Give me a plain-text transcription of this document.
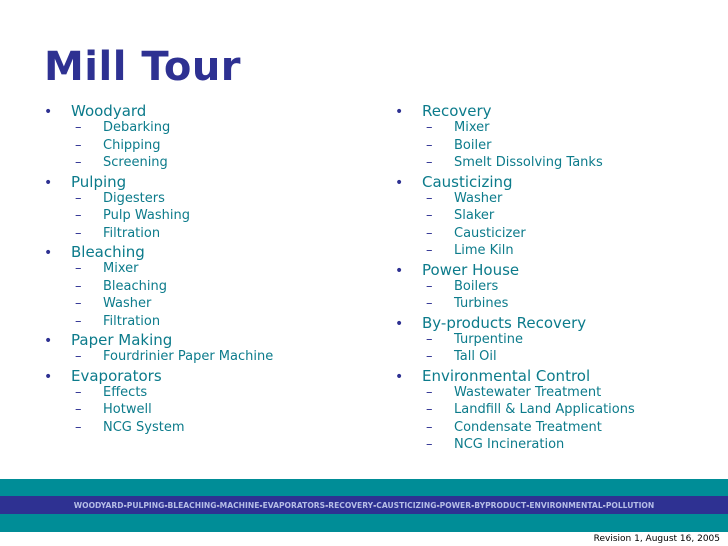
Mill Tour
•	Woodyard
–	Debarking
–	Chipping
–	Screening
•	Pulping
–	Digesters
–	Pulp Washing
–	Filtration
•	Bleaching
–	Mixer
–	Bleaching
–	Washer
–	Filtration
•	Paper Making
–	Fourdrinier Paper Machine
•	Evaporators
–	Effects
–	Hotwell
–	NCG System
•	Recovery
–	Mixer
–	Boiler
–	Smelt Dissolving Tanks
•	Causticizing
–	Washer
–	Slaker
–	Causticizer
–	Lime Kiln
•	Power House
–	Boilers
–	Turbines
•	By-products Recovery
–	Turpentine
–	Tall Oil
•	Environmental Control
–	Wastewater Treatment
–	Landfill & Land Applications
–	Condensate Treatment
–	NCG Incineration
WOODYARD - PULPING - BLEACHING - MACHINE - EVAPORATORS - RECOVERY - CAUSTICIZING - POWER - BYPRODUCT - ENVIRONMENTAL - POLLUTION
Revision 1, August 16, 2005
